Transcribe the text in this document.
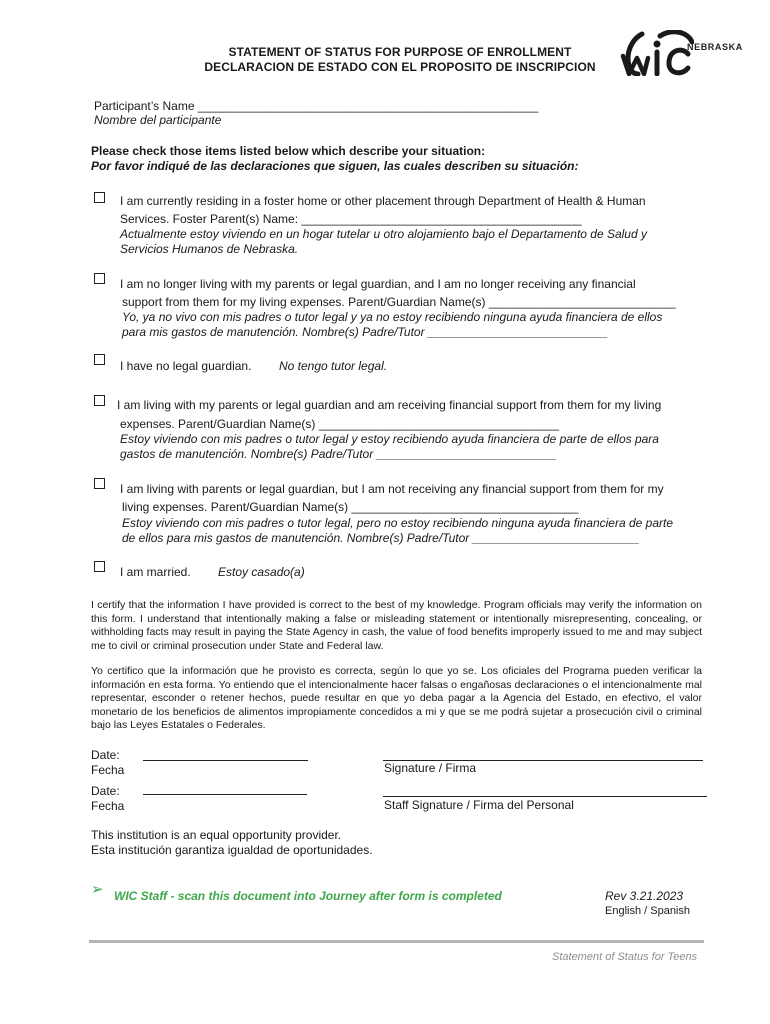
STATEMENT OF STATUS FOR PURPOSE OF ENROLLMENT
DECLARACION DE ESTADO CON EL PROPOSITO DE INSCRIPCION
NEBRASKA
Participant’s Name ___________________________________________________
Nombre del participante
Please check those items listed below which describe your situation:
Por favor indiqué de las declaraciones que siguen, las cuales describen su situación:
I am currently residing in a foster home or other placement through Department of Health & Human
Services. Foster Parent(s) Name: __________________________________________
Actualmente estoy viviendo en un hogar tutelar u otro alojamiento bajo el Departamento de Salud y
Servicios Humanos de Nebraska.
I am no longer living with my parents or legal guardian, and I am no longer receiving any financial
support from them for my living expenses. Parent/Guardian Name(s) ____________________________
Yo, ya no vivo con mis padres o tutor legal y ya no estoy recibiendo ninguna ayuda financiera de ellos
para mis gastos de manutención. Nombre(s) Padre/Tutor ___________________________
I have no legal guardian. No tengo tutor legal.
I am living with my parents or legal guardian and am receiving financial support from them for my living
expenses. Parent/Guardian Name(s) ____________________________________
Estoy viviendo con mis padres o tutor legal y estoy recibiendo ayuda financiera de parte de ellos para
gastos de manutención. Nombre(s) Padre/Tutor ___________________________
I am living with parents or legal guardian, but I am not receiving any financial support from them for my
living expenses. Parent/Guardian Name(s) __________________________________
Estoy viviendo con mis padres o tutor legal, pero no estoy recibiendo ninguna ayuda financiera de parte
de ellos para mis gastos de manutención. Nombre(s) Padre/Tutor _________________________
I am married. Estoy casado(a)
I certify that the information I have provided is correct to the best of my knowledge. Program officials may verify the information on this form. I understand that intentionally making a false or misleading statement or intentionally misrepresenting, concealing, or withholding facts may result in paying the State Agency in cash, the value of food benefits improperly issued to me and may subject me to civil or criminal prosecution under State and Federal law.
Yo certifico que la información que he provisto es correcta, según lo que yo se. Los oficiales del Programa pueden verificar la información en esta forma. Yo entiendo que el intencionalmente hacer falsas o engañosas declaraciones o el intencionalmente mal representar, esconder o retener hechos, puede resultar en que yo deba pagar a la Agencia del Estado, en efectivo, el valor monetario de los beneficios de alimentos impropiamente concedidos a mi y que se me podrá sujetar a prosecución civil o criminal bajo las Leyes Estatales o Federales.
Date:
Fecha	Signature / Firma
Date:
Fecha	Staff Signature / Firma del Personal
This institution is an equal opportunity provider.
Esta institución garantiza igualdad de oportunidades.
➢ WIC Staff - scan this document into Journey after form is completed	Rev 3.21.2023
English / Spanish
Statement of Status for Teens
